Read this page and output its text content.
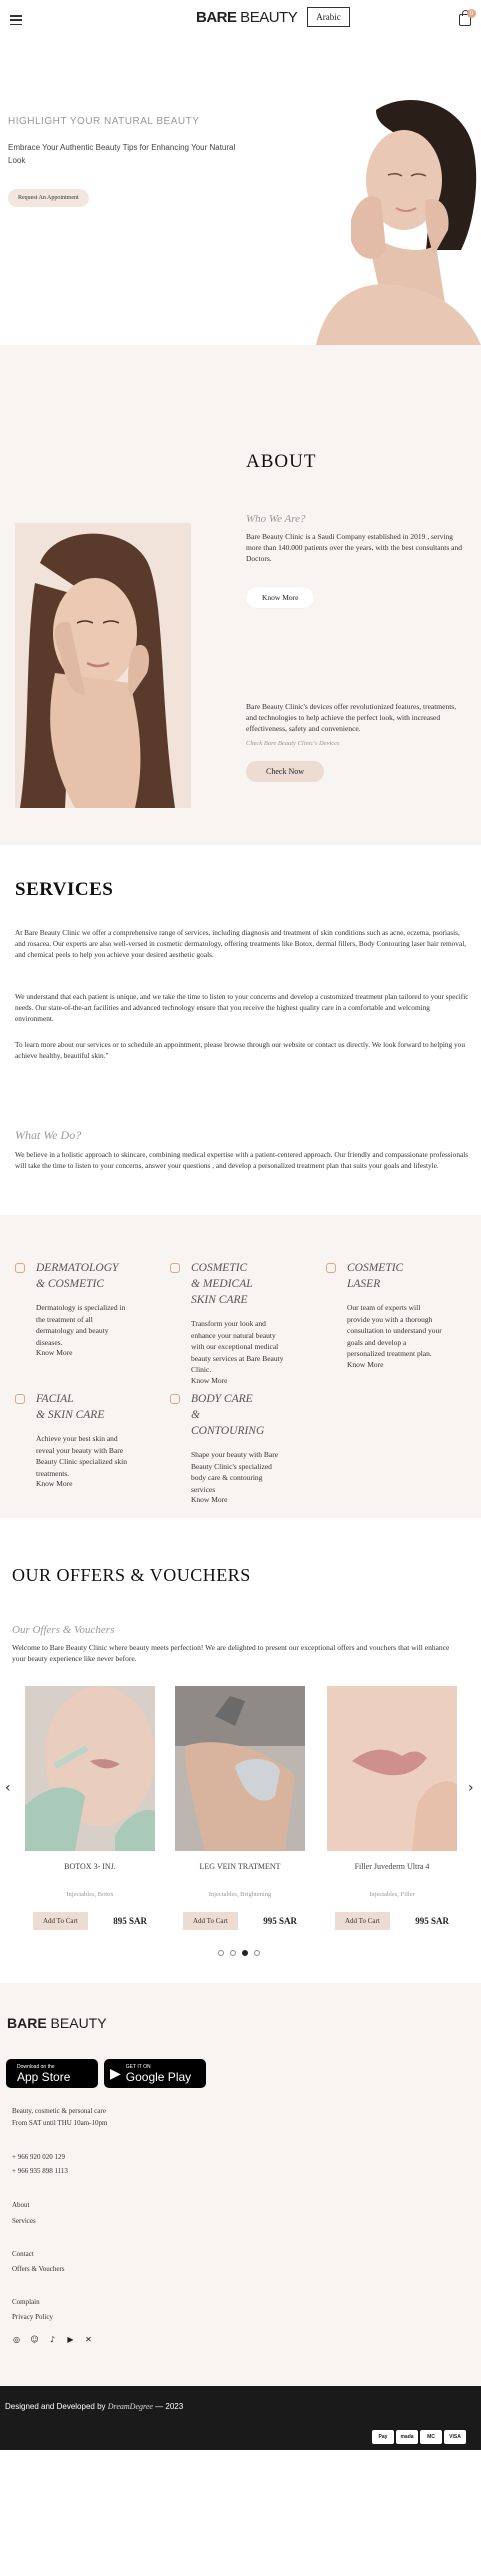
BARE BEAUTY	Arabic	0
HIGHLIGHT YOUR NATURAL BEAUTY
Embrace Your Authentic Beauty Tips for Enhancing Your Natural Look
Request An Appointment
ABOUT
Who We Are?
Bare Beauty Clinic is a Saudi Company established in 2019 , serving more than 140.000 patients over the years, with the best consultants and Doctors.
Know More
Bare Beauty Clinic's devices offer revolutionized features, treatments, and technologies to help achieve the perfect look, with increased effectiveness, safety and convenience.
Check Bare Beauty Clinic's Devices
Check Now
SERVICES
At Bare Beauty Clinic we offer a comprehensive range of services, including diagnosis and treatment of skin conditions such as acne, eczema, psoriasis, and rosacea. Our experts are also well-versed in cosmetic dermatology, offering treatments like Botox, dermal fillers, Body Contouring laser hair removal, and chemical peels to help you achieve your desired aesthetic goals.
We understand that each patient is unique, and we take the time to listen to your concerns and develop a customized treatment plan tailored to your specific needs. Our state-of-the-art facilities and advanced technology ensure that you receive the highest quality care in a comfortable and welcoming environment.
To learn more about our services or to schedule an appointment, please browse through our website or contact us directly. We look forward to helping you achieve healthy, beautiful skin."
What We Do?
We believe in a holistic approach to skincare, combining medical expertise with a patient-centered approach. Our friendly and compassionate professionals will take the time to listen to your concerns, answer your questions , and develop a personalized treatment plan that suits your goals and lifestyle.
DERMATOLOGY
& COSMETIC
Dermatology is specialized in the treatment of all dermatology and beauty diseases.
Know More
COSMETIC
& MEDICAL
SKIN CARE
Transform your look and enhance your natural beauty with our exceptional medical beauty services at Bare Beauty Clinic.
Know More
COSMETIC
LASER
Our team of experts will provide you with a thorough consultation to understand your goals and develop a personalized treatment plan.
Know More
FACIAL
& SKIN CARE
Achieve your best skin and reveal your beauty with Bare Beauty Clinic specialized skin treatments.
Know More
BODY CARE
&
CONTOURING
Shape your beauty with Bare Beauty Clinic's specialized body care & contouring services
Know More
OUR OFFERS & VOUCHERS
Our Offers & Vouchers
Welcome to Bare Beauty Clinic where beauty meets perfection! We are delighted to present our exceptional offers and vouchers that will enhance your beauty experience like never before.
‹	›
BOTOX 3- INJ.
Injectables, Botox
Add To Cart	895 SAR
LEG VEIN TRATMENT
Injectables, Brightening
Add To Cart	995 SAR
Filler Juvederm Ultra 4
Injectables, Filler
Add To Cart	995 SAR
BARE BEAUTY
Download on the
App Store	▶ GET IT ON
Google Play
Beauty, cosmetic & personal care
From SAT until THU 10am-10pm
+ 966 920 020 129
+ 966 935 898 1113
About
Services
Contact
Offers & Vouchers
Complain
Privacy Policy
◎ ☺ ♪ ▶ ✕
Designed and Developed by DreamDegree — 2023
Pay	mada	MC	VISA
